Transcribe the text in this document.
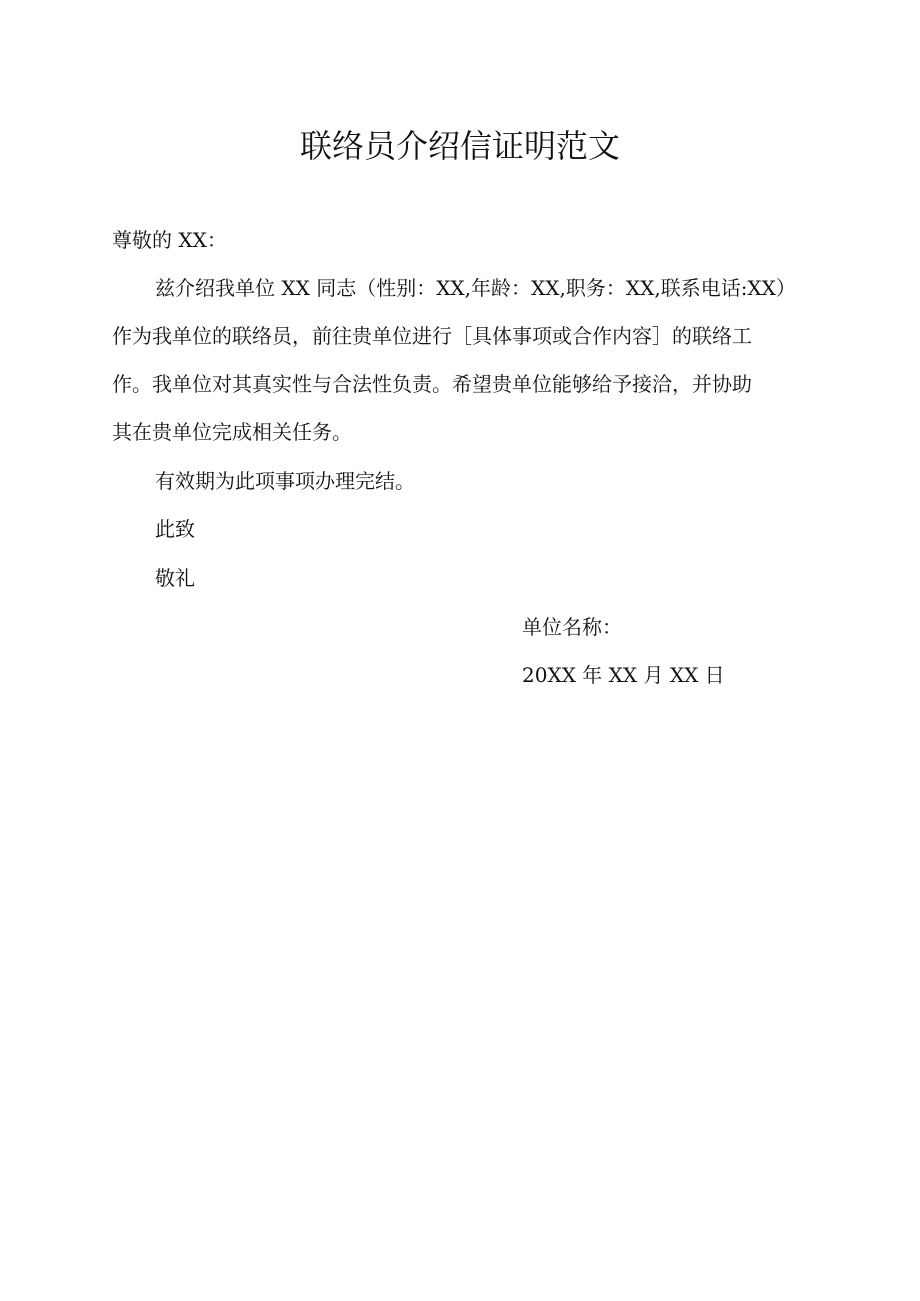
联络员介绍信证明范文
尊敬的 XX：
兹介绍我单位 XX 同志（性别：XX,年龄：XX,职务：XX,联系电话:XX）
作为我单位的联络员，前往贵单位进行［具体事项或合作内容］的联络工
作。我单位对其真实性与合法性负责。希望贵单位能够给予接洽，并协助
其在贵单位完成相关任务。
有效期为此项事项办理完结。
此致
敬礼
单位名称：
20XX 年 XX 月 XX 日
